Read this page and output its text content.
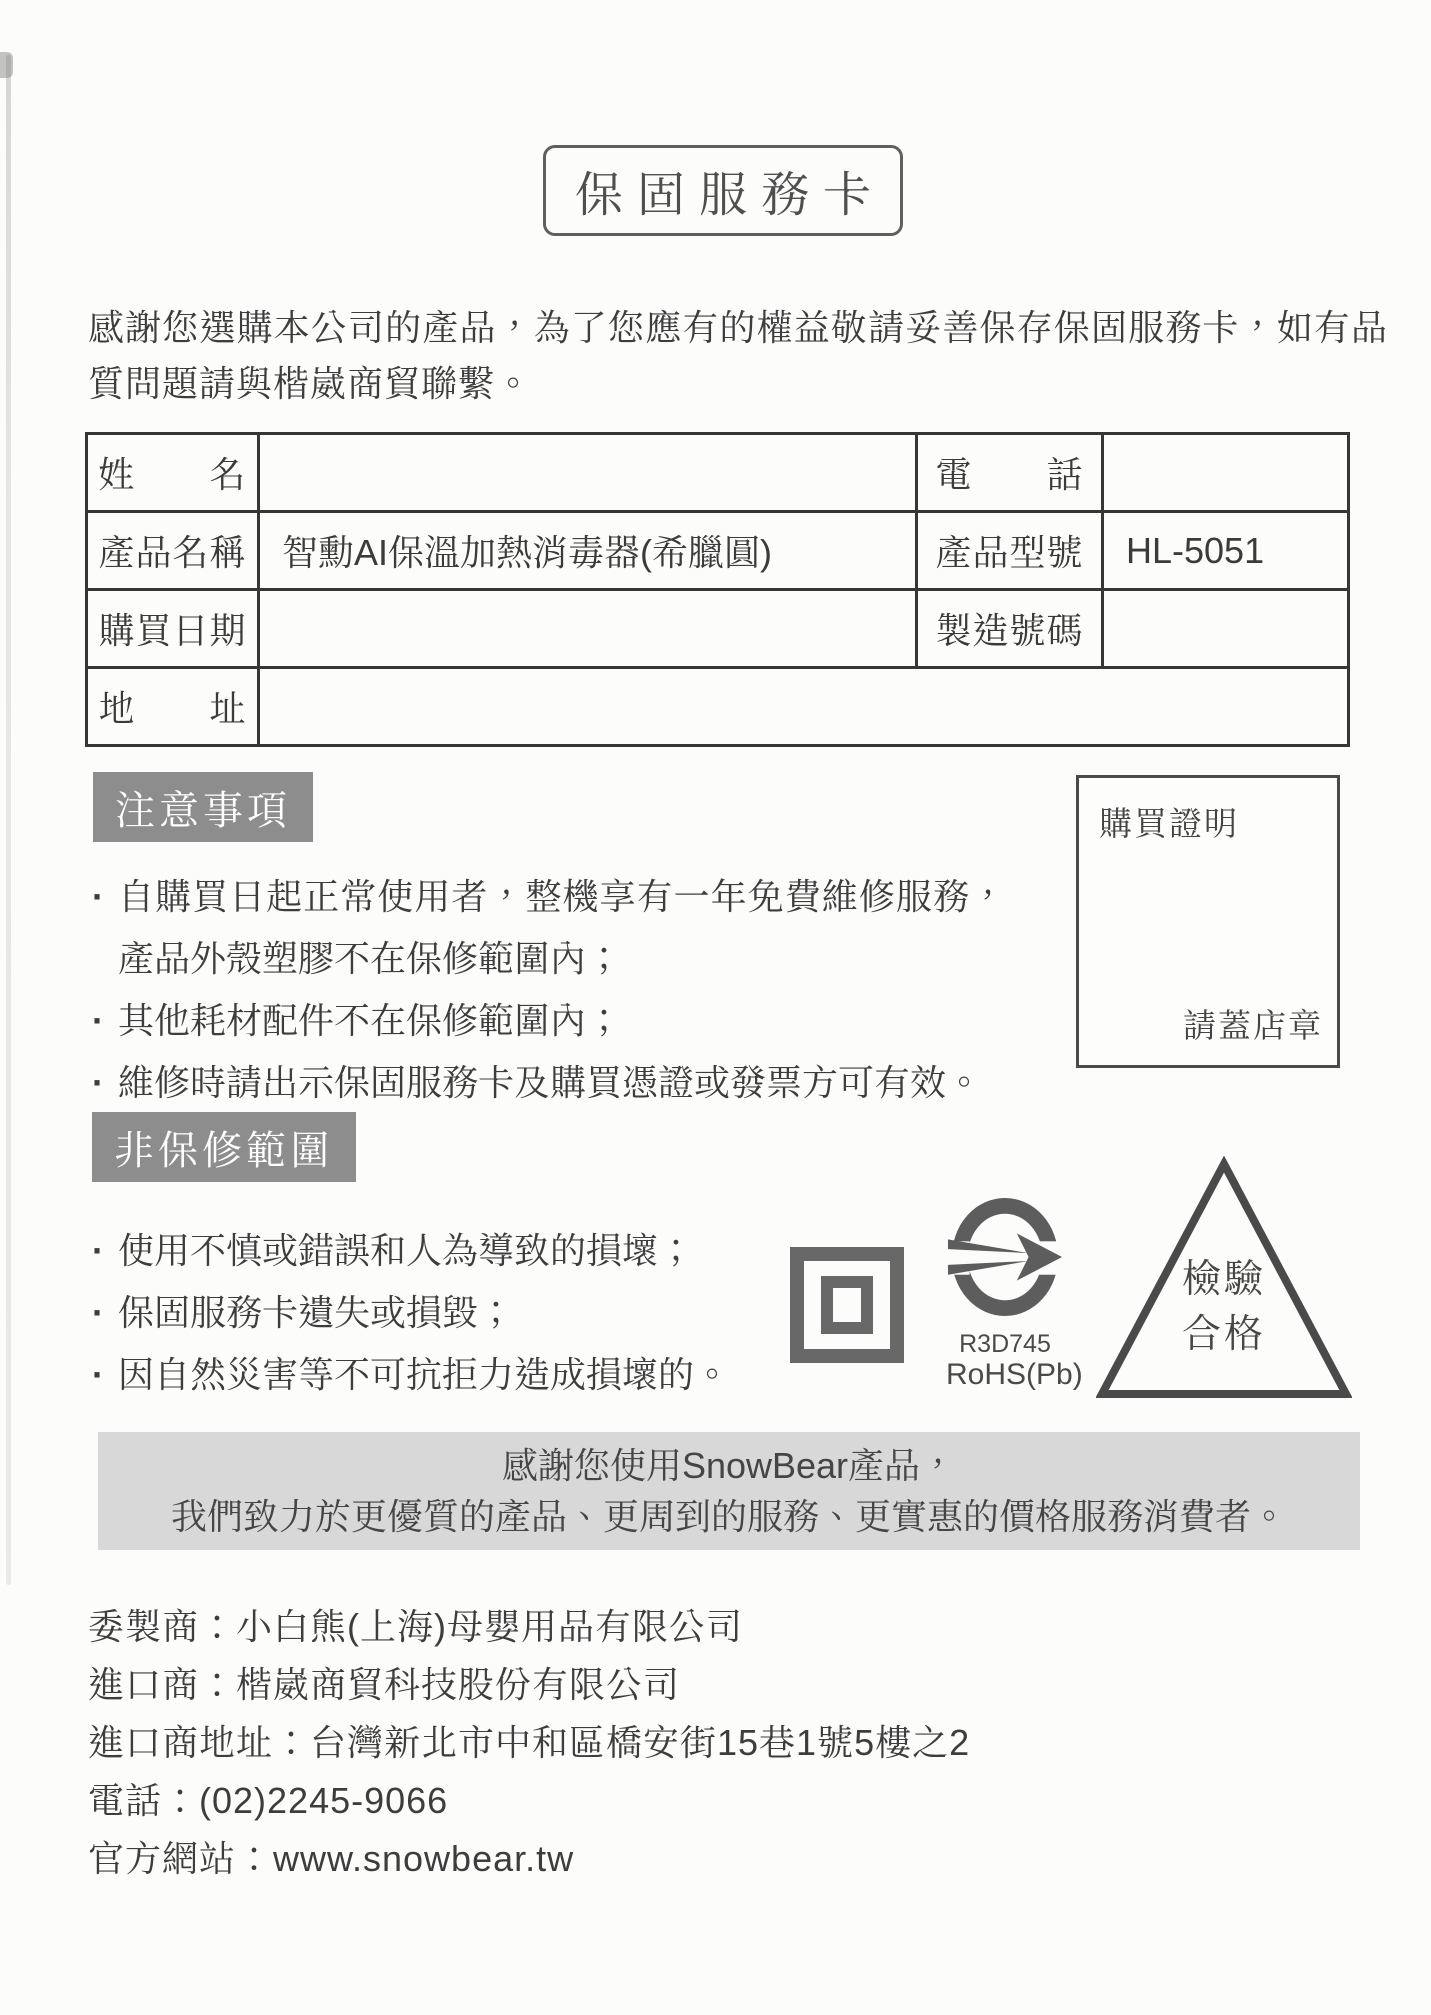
保固服務卡
感謝您選購本公司的產品，為了您應有的權益敬請妥善保存保固服務卡，如有品質問題請與楷崴商貿聯繫。
姓　　名		電　　話	
產品名稱	智勳AI保溫加熱消毒器(希臘圓)	產品型號	HL-5051
購買日期		製造號碼	
地　　址			
注意事項
· 自購買日起正常使用者，整機享有一年免費維修服務，產品外殼塑膠不在保修範圍內；
· 其他耗材配件不在保修範圍內；
· 維修時請出示保固服務卡及購買憑證或發票方可有效。
購買證明
請蓋店章
非保修範圍
· 使用不慎或錯誤和人為導致的損壞；
· 保固服務卡遺失或損毀；
· 因自然災害等不可抗拒力造成損壞的。
R3D745
RoHS(Pb)
檢驗
合格
感謝您使用SnowBear產品，
我們致力於更優質的產品、更周到的服務、更實惠的價格服務消費者。
委製商：小白熊(上海)母嬰用品有限公司
進口商：楷崴商貿科技股份有限公司
進口商地址：台灣新北市中和區橋安街15巷1號5樓之2
電話：(02)2245-9066
官方網站：www.snowbear.tw
